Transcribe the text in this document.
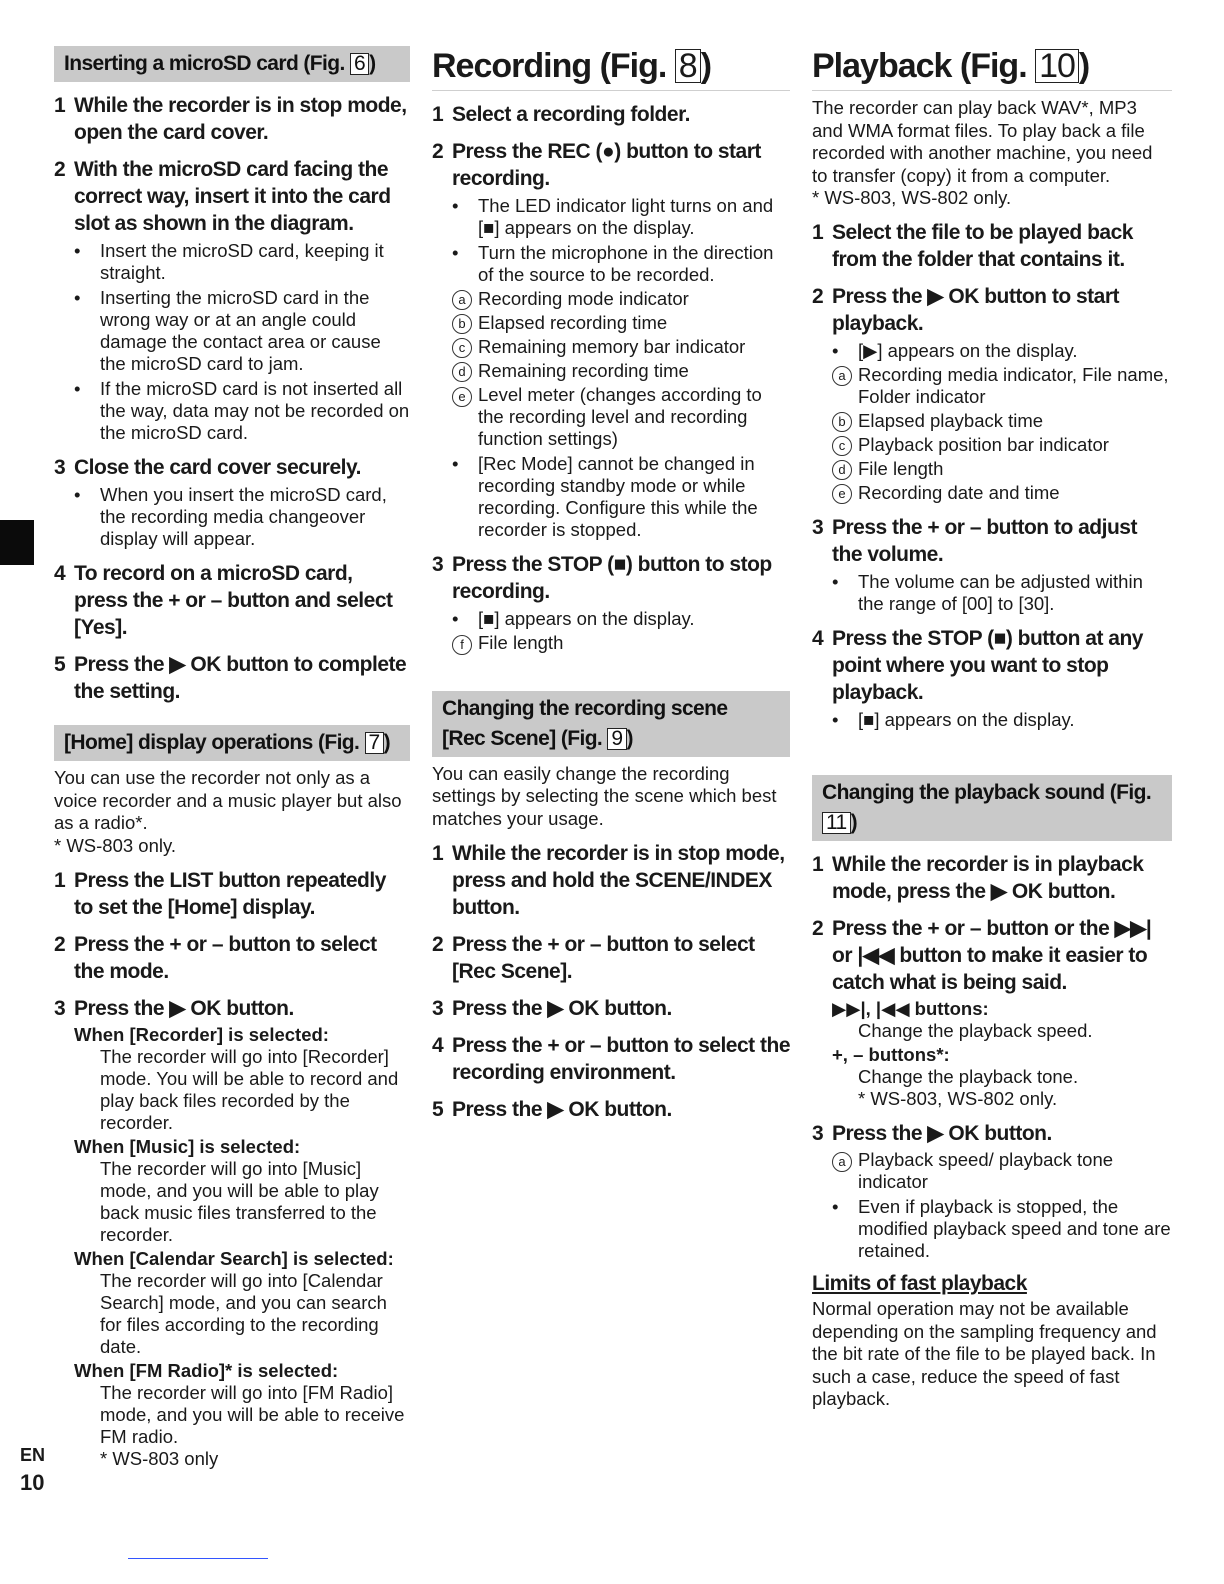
EN
10
Inserting a microSD card (Fig. 6 )
1 While the recorder is in stop mode, open the card cover.
2 With the microSD card facing the correct way, insert it into the card slot as shown in the diagram.
•	Insert the microSD card, keeping it straight.
•	Inserting the microSD card in the wrong way or at an angle could damage the contact area or cause the microSD card to jam.
•	If the microSD card is not inserted all the way, data may not be recorded on the microSD card.
3 Close the card cover securely.
•	When you insert the microSD card, the recording media changeover display will appear.
4 To record on a microSD card, press the + or – button and select [Yes].
5 Press the ▶ OK button to complete the setting.
[Home] display operations (Fig. 7 )
You can use the recorder not only as a voice recorder and a music player but also as a radio*.
* WS-803 only.
1 Press the LIST button repeatedly to set the [Home] display.
2 Press the + or – button to select the mode.
3 Press the ▶ OK button.
When [Recorder] is selected:
The recorder will go into [Recorder] mode. You will be able to record and play back files recorded by the recorder.
When [Music] is selected:
The recorder will go into [Music] mode, and you will be able to play back music files transferred to the recorder.
When [Calendar Search] is selected:
The recorder will go into [Calendar Search] mode, and you can search for files according to the recording date.
When [FM Radio]* is selected:
The recorder will go into [FM Radio] mode, and you will be able to receive FM radio.
* WS-803 only
Recording (Fig. 8 )
1 Select a recording folder.
2 Press the REC (●) button to start recording.
•	The LED indicator light turns on and [■] appears on the display.
•	Turn the microphone in the direction of the source to be recorded.
a Recording mode indicator
b Elapsed recording time
c Remaining memory bar indicator
d Remaining recording time
e Level meter (changes according to the recording level and recording function settings)
•	[Rec Mode] cannot be changed in recording standby mode or while recording. Configure this while the recorder is stopped.
3 Press the STOP (■) button to stop recording.
•	[■] appears on the display.
f File length
Changing the recording scene
[Rec Scene] (Fig. 9 )
You can easily change the recording settings by selecting the scene which best matches your usage.
1 While the recorder is in stop mode, press and hold the SCENE/INDEX button.
2 Press the + or – button to select [Rec Scene].
3 Press the ▶ OK button.
4 Press the + or – button to select the recording environment.
5 Press the ▶ OK button.
Playback (Fig. 10 )
The recorder can play back WAV*, MP3 and WMA format files. To play back a file recorded with another machine, you need to transfer (copy) it from a computer.
* WS-803, WS-802 only.
1 Select the file to be played back from the folder that contains it.
2 Press the ▶ OK button to start playback.
•	[▶] appears on the display.
a Recording media indicator, File name, Folder indicator
b Elapsed playback time
c Playback position bar indicator
d File length
e Recording date and time
3 Press the + or – button to adjust the volume.
•	The volume can be adjusted within the range of [00] to [30].
4 Press the STOP (■) button at any point where you want to stop playback.
•	[■] appears on the display.
Changing the playback sound (Fig. 11 )
1 While the recorder is in playback mode, press the ▶ OK button.
2 Press the + or – button or the ▶▶| or |◀◀ button to make it easier to catch what is being said.
▶▶|, |◀◀ buttons:
Change the playback speed.
+, – buttons*:
Change the playback tone.
* WS-803, WS-802 only.
3 Press the ▶ OK button.
a Playback speed/ playback tone indicator
•	Even if playback is stopped, the modified playback speed and tone are retained.
Limits of fast playback
Normal operation may not be available depending on the sampling frequency and the bit rate of the file to be played back. In such a case, reduce the speed of fast playback.
